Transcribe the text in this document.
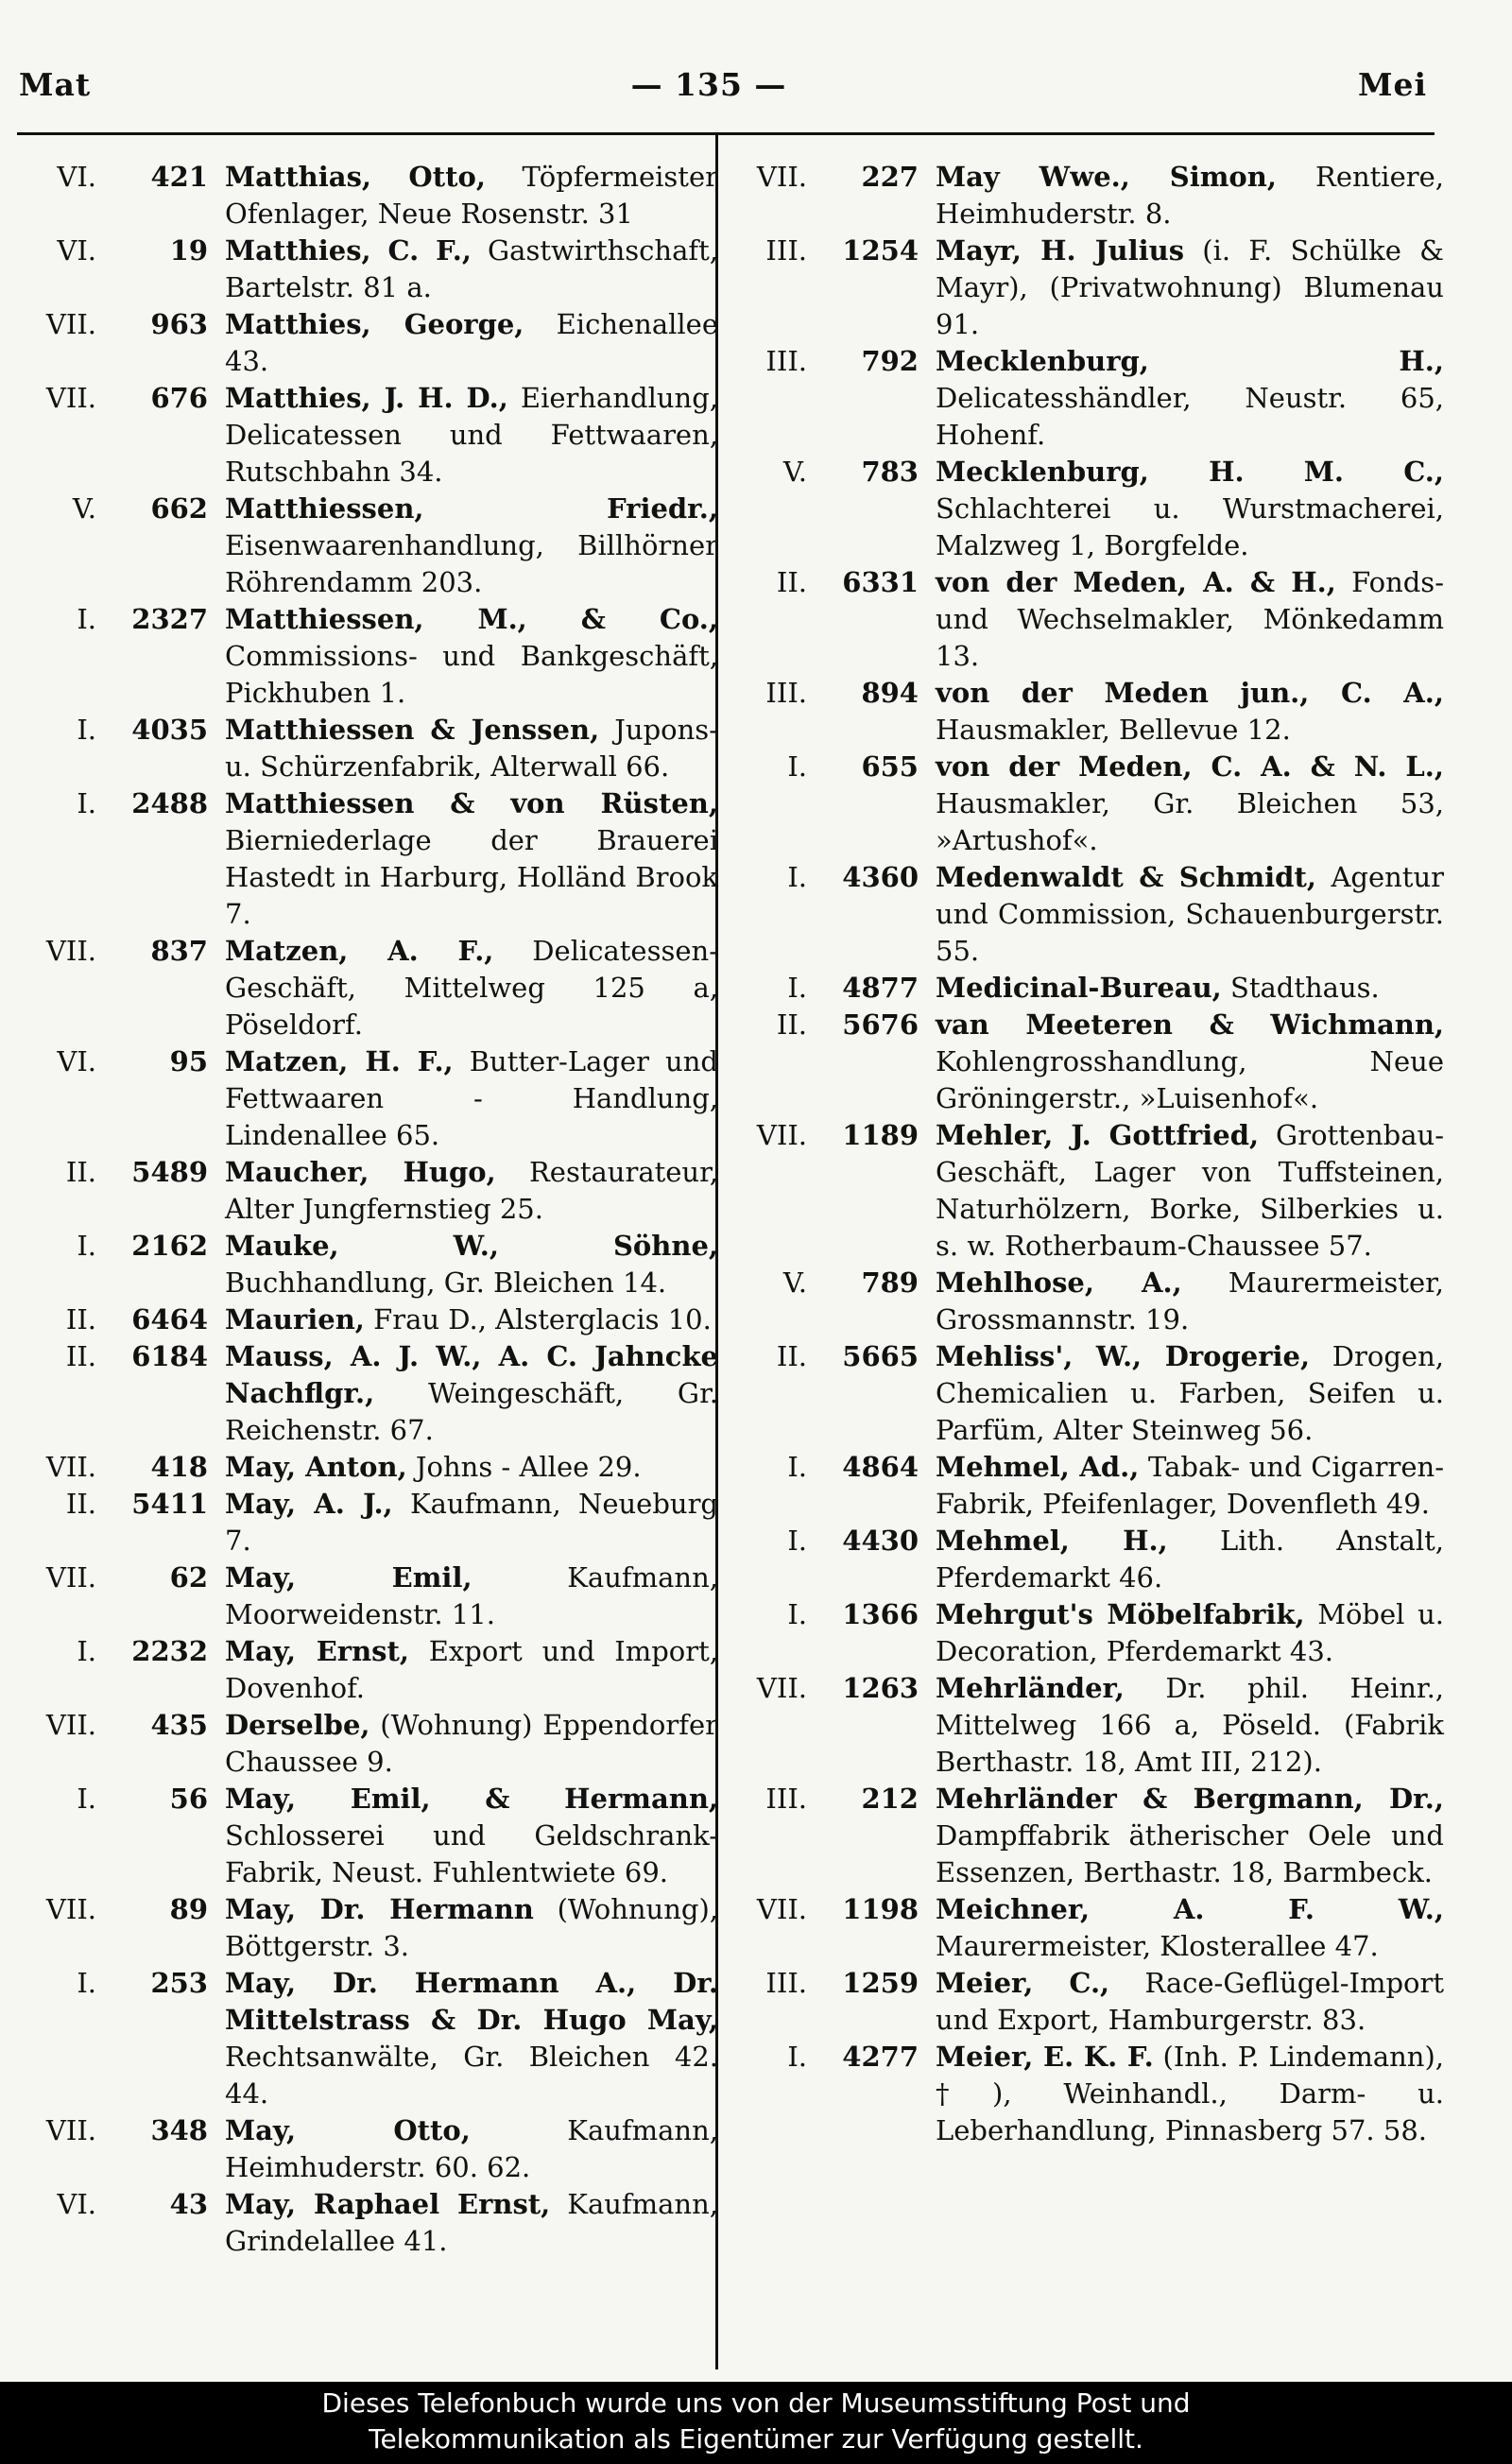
Mat	— 135 —	Mei
VI.	421 Matthias, Otto, Töpfermeister Ofenlager, Neue Rosenstr. 31
VI.	19 Matthies, C. F., Gastwirthschaft, Bartelstr. 81 a.
VII.	963 Matthies, George, Eichenallee 43.
VII.	676 Matthies, J. H. D., Eierhandlung, Delicatessen und Fettwaaren, Rutschbahn 34.
V.	662 Matthiessen, Friedr., Eisenwaarenhandlung, Billhörner Röhrendamm 203.
I.	2327 Matthiessen, M., & Co., Commissions- und Bankgeschäft, Pickhuben 1.
I.	4035 Matthiessen & Jenssen, Jupons- u. Schürzenfabrik, Alterwall 66.
I.	2488 Matthiessen & von Rüsten, Bierniederlage der Brauerei Hastedt in Harburg, Holländ Brook 7.
VII.	837 Matzen, A. F., Delicatessen-Geschäft, Mittelweg 125 a, Pöseldorf.
VI.	95 Matzen, H. F., Butter-Lager und Fettwaaren - Handlung, Lindenallee 65.
II.	5489 Maucher, Hugo, Restaurateur, Alter Jungfernstieg 25.
I.	2162 Mauke, W., Söhne, Buchhandlung, Gr. Bleichen 14.
II.	6464 Maurien, Frau D., Alsterglacis 10.
II.	6184 Mauss, A. J. W., A. C. Jahncke Nachflgr., Weingeschäft, Gr. Reichenstr. 67.
VII.	418 May, Anton, Johns - Allee 29.
II.	5411 May, A. J., Kaufmann, Neueburg 7.
VII.	62 May, Emil, Kaufmann, Moorweidenstr. 11.
I.	2232 May, Ernst, Export und Import, Dovenhof.
VII.	435 Derselbe, (Wohnung) Eppendorfer Chaussee 9.
I.	56 May, Emil, & Hermann, Schlosserei und Geldschrank-Fabrik, Neust. Fuhlentwiete 69.
VII.	89 May, Dr. Hermann (Wohnung), Böttgerstr. 3.
I.	253 May, Dr. Hermann A., Dr. Mittelstrass & Dr. Hugo May, Rechtsanwälte, Gr. Bleichen 42. 44.
VII.	348 May, Otto, Kaufmann, Heimhuderstr. 60. 62.
VI.	43 May, Raphael Ernst, Kaufmann, Grindelallee 41.
VII.	227 May Wwe., Simon, Rentiere, Heimhuderstr. 8.
III.	1254 Mayr, H. Julius (i. F. Schülke & Mayr), (Privatwohnung) Blumenau 91.
III.	792 Mecklenburg, H., Delicatesshändler, Neustr. 65, Hohenf.
V.	783 Mecklenburg, H. M. C., Schlachterei u. Wurstmacherei, Malzweg 1, Borgfelde.
II.	6331 von der Meden, A. & H., Fonds- und Wechselmakler, Mönkedamm 13.
III.	894 von der Meden jun., C. A., Hausmakler, Bellevue 12.
I.	655 von der Meden, C. A. & N. L., Hausmakler, Gr. Bleichen 53, »Artushof«.
I.	4360 Medenwaldt & Schmidt, Agentur und Commission, Schauenburgerstr. 55.
I.	4877 Medicinal-Bureau, Stadthaus.
II.	5676 van Meeteren & Wichmann, Kohlengrosshandlung, Neue Gröningerstr., »Luisenhof«.
VII.	1189 Mehler, J. Gottfried, Grottenbau-Geschäft, Lager von Tuffsteinen, Naturhölzern, Borke, Silberkies u. s. w. Rotherbaum-Chaussee 57.
V.	789 Mehlhose, A., Maurermeister, Grossmannstr. 19.
II.	5665 Mehliss', W., Drogerie, Drogen, Chemicalien u. Farben, Seifen u. Parfüm, Alter Steinweg 56.
I.	4864 Mehmel, Ad., Tabak- und Cigarren-Fabrik, Pfeifenlager, Dovenfleth 49.
I.	4430 Mehmel, H., Lith. Anstalt, Pferdemarkt 46.
I.	1366 Mehrgut's Möbelfabrik, Möbel u. Decoration, Pferdemarkt 43.
VII.	1263 Mehrländer, Dr. phil. Heinr., Mittelweg 166 a, Pöseld. (Fabrik Berthastr. 18, Amt III, 212).
III.	212 Mehrländer & Bergmann, Dr., Dampffabrik ätherischer Oele und Essenzen, Berthastr. 18, Barmbeck.
VII.	1198 Meichner, A. F. W., Maurermeister, Klosterallee 47.
III.	1259 Meier, C., Race-Geflügel-Import und Export, Hamburgerstr. 83.
I.	4277 Meier, E. K. F. (Inh. P. Lindemann), †), Weinhandl., Darm- u. Leberhandlung, Pinnasberg 57. 58.
Dieses Telefonbuch wurde uns von der Museumsstiftung Post und
Telekommunikation als Eigentümer zur Verfügung gestellt.
